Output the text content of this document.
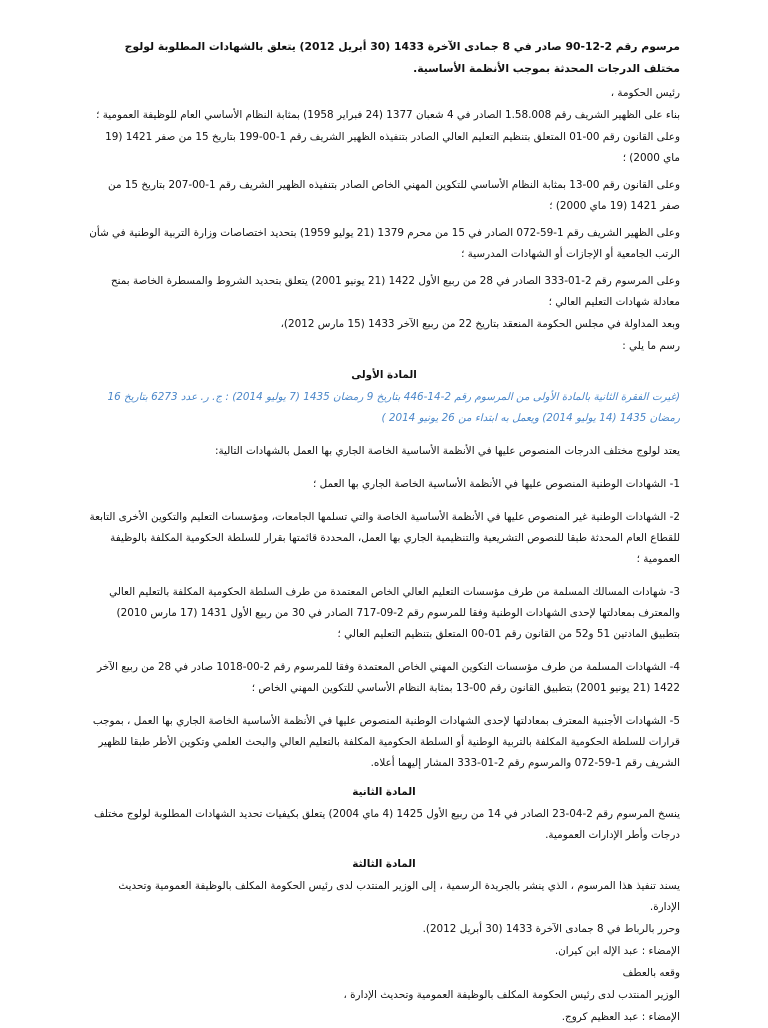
مرسوم رقم 2-12-90 صادر في 8 جمادى الآخرة 1433 (30 أبريل 2012) يتعلق بالشهادات المطلوبة لولوج مختلف الدرجات المحدثة بموجب الأنظمة الأساسية.

رئيس الحكومة ،

بناء على الظهير الشريف رقم 1.58.008 الصادر في 4 شعبان 1377 (24 فبراير 1958) بمثابة النظام الأساسي العام للوظيفة العمومية ؛

وعلى القانون رقم 00-01 المتعلق بتنظيم التعليم العالي الصادر بتنفيذه الظهير الشريف رقم 1-00-199 بتاريخ 15 من صفر 1421 (19 ماي 2000) ؛

وعلى القانون رقم 00-13 بمثابة النظام الأساسي للتكوين المهني الخاص الصادر بتنفيذه الظهير الشريف رقم 1-00-207 بتاريخ 15 من صفر 1421 (19 ماي 2000) ؛

وعلى الظهير الشريف رقم 1-59-072 الصادر في 15 من محرم 1379 (21 يوليو 1959) بتحديد اختصاصات وزارة التربية الوطنية في شأن الرتب الجامعية أو الإجازات أو الشهادات المدرسية ؛

وعلى المرسوم رقم 2-01-333 الصادر في 28 من ربيع الأول 1422 (21 يونيو 2001) يتعلق بتحديد الشروط والمسطرة الخاصة بمنح معادلة شهادات التعليم العالي ؛

وبعد المداولة في مجلس الحكومة المنعقد بتاريخ 22 من ربيع الآخر 1433 (15 مارس 2012)،

رسم ما يلي :

المادة الأولى

(غيرت الفقرة الثانية بالمادة الأولى من المرسوم رقم 2-14-446 بتاريخ 9 رمضان 1435 (7 يوليو 2014) : ج. ر. عدد 6273 بتاريخ 16 رمضان 1435 (14 يوليو 2014) ويعمل به ابتداء من 26 يونيو 2014 )

يعتد لولوج مختلف الدرجات المنصوص عليها في الأنظمة الأساسية الخاصة الجاري بها العمل بالشهادات التالية:

1- الشهادات الوطنية المنصوص عليها في الأنظمة الأساسية الخاصة الجاري بها العمل ؛

2- الشهادات الوطنية غير المنصوص عليها في الأنظمة الأساسية الخاصة والتي تسلمها الجامعات، ومؤسسات التعليم والتكوين الأخرى التابعة للقطاع العام المحدثة طبقا للنصوص التشريعية والتنظيمية الجاري بها العمل، المحددة قائمتها بقرار للسلطة الحكومية المكلفة بالوظيفة العمومية ؛

3- شهادات المسالك المسلمة من طرف مؤسسات التعليم العالي الخاص المعتمدة من طرف السلطة الحكومية المكلفة بالتعليم العالي والمعترف بمعادلتها لإحدى الشهادات الوطنية وفقا للمرسوم رقم 2-09-717 الصادر في 30 من ربيع الأول 1431 (17 مارس 2010) بتطبيق المادتين 51 و52 من القانون رقم 01-00 المتعلق بتنظيم التعليم العالي ؛

4- الشهادات المسلمة من طرف مؤسسات التكوين المهني الخاص المعتمدة وفقا للمرسوم رقم 2-00-1018 صادر في 28 من ربيع الآخر 1422 (21 يونيو 2001) بتطبيق القانون رقم 00-13 بمثابة النظام الأساسي للتكوين المهني الخاص ؛

5- الشهادات الأجنبية المعترف بمعادلتها لإحدى الشهادات الوطنية المنصوص عليها في الأنظمة الأساسية الخاصة الجاري بها العمل ، بموجب قرارات للسلطة الحكومية المكلفة بالتربية الوطنية أو السلطة الحكومية المكلفة بالتعليم العالي والبحث العلمي وتكوين الأطر طبقا للظهير الشريف رقم 1-59-072 والمرسوم رقم 2-01-333 المشار إليهما أعلاه.

المادة الثانية

ينسخ المرسوم رقم 2-04-23 الصادر في 14 من ربيع الأول 1425 (4 ماي 2004) يتعلق بكيفيات تحديد الشهادات المطلوبة لولوج مختلف درجات وأطر الإدارات العمومية.

المادة الثالثة

يسند تنفيذ هذا المرسوم ، الذي ينشر بالجريدة الرسمية ، إلى الوزير المنتدب لدى رئيس الحكومة المكلف بالوظيفة العمومية وتحديث الإدارة.

وحرر بالرباط في 8 جمادى الآخرة 1433 (30 أبريل 2012).

الإمضاء : عبد الإله ابن كيران.

وقعه بالعطف

الوزير المنتدب لدى رئيس الحكومة المكلف بالوظيفة العمومية وتحديث الإدارة ،

الإمضاء : عبد العظيم كروج.
